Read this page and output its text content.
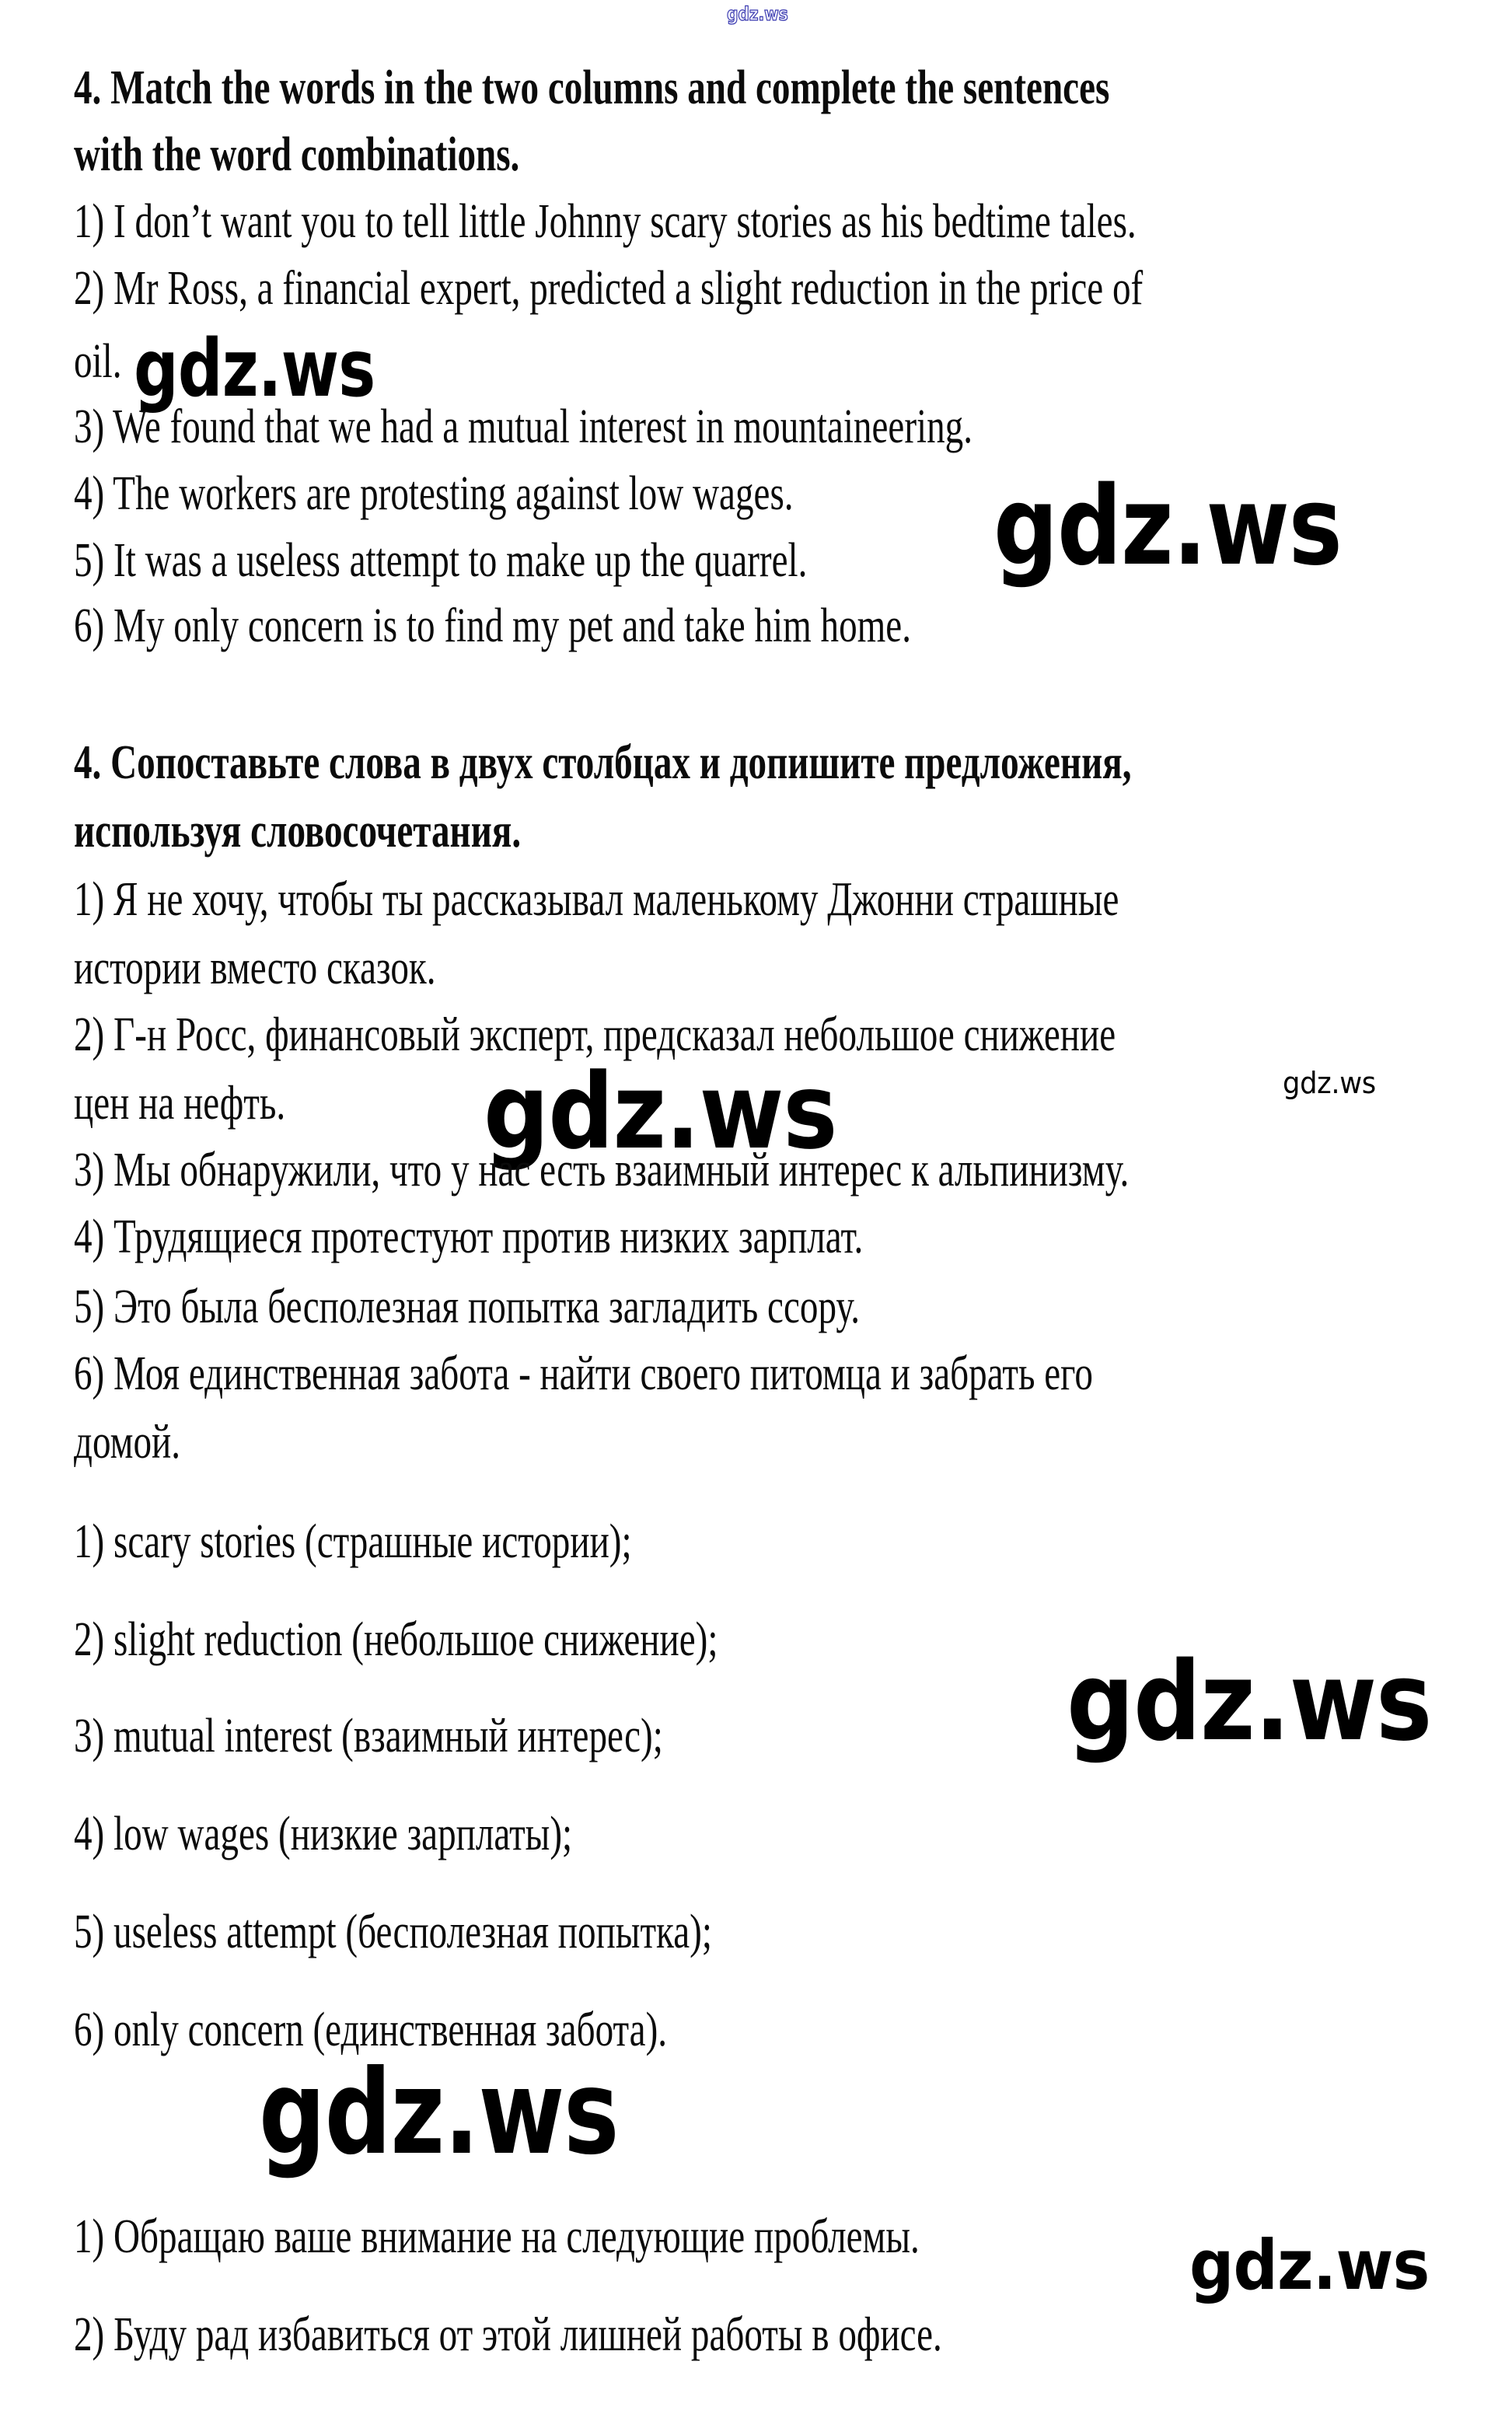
gdz.ws
gdz.ws
gdz.ws
gdz.ws
gdz.ws
gdz.ws
gdz.ws
gdz.ws
4. Match the words in the two columns and complete the sentences
with the word combinations.
1) I don’t want you to tell little Johnny scary stories as his bedtime tales.
2) Mr Ross, a financial expert, predicted a slight reduction in the price of
oil.
3) We found that we had a mutual interest in mountaineering.
4) The workers are protesting against low wages.
5) It was a useless attempt to make up the quarrel.
6) My only concern is to find my pet and take him home.
4. Сопоставьте слова в двух столбцах и допишите предложения,
используя словосочетания.
1) Я не хочу, чтобы ты рассказывал маленькому Джонни страшные
истории вместо сказок.
2) Г-н Росс, финансовый эксперт, предсказал небольшое снижение
цен на нефть.
3) Мы обнаружили, что у нас есть взаимный интерес к альпинизму.
4) Трудящиеся протестуют против низких зарплат.
5) Это была бесполезная попытка загладить ссору.
6) Моя единственная забота - найти своего питомца и забрать его
домой.
1) scary stories (страшные истории);
2) slight reduction (небольшое снижение);
3) mutual interest (взаимный интерес);
4) low wages (низкие зарплаты);
5) useless attempt (бесполезная попытка);
6) only concern (единственная забота).
1) Обращаю ваше внимание на следующие проблемы.
2) Буду рад избавиться от этой лишней работы в офисе.
